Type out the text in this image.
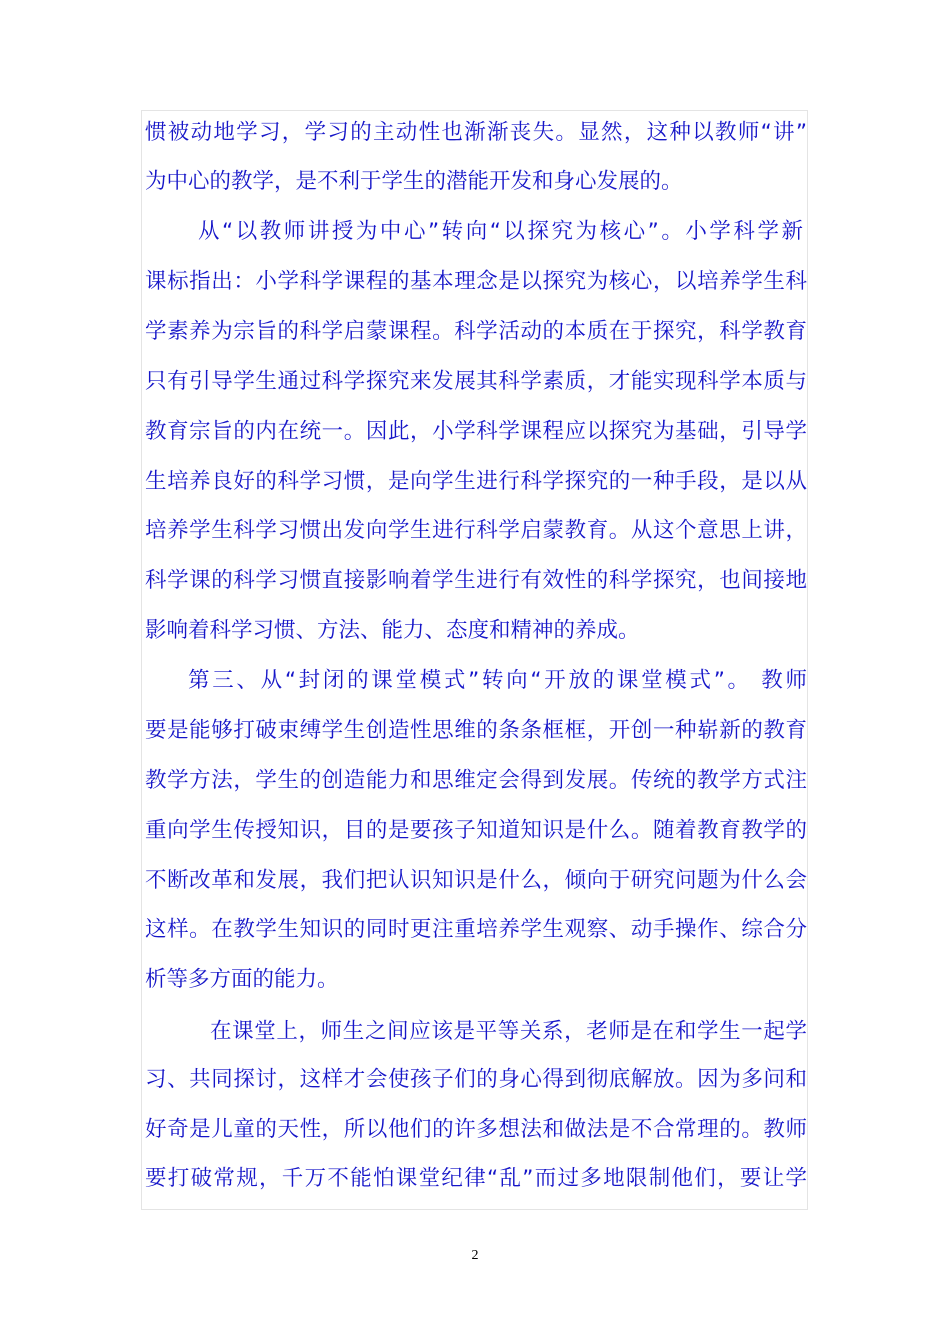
惯被动地学习，学习的主动性也渐渐丧失。显然，这种以教师“讲”
为中心的教学，是不利于学生的潜能开发和身心发展的。
从“以教师讲授为中心”转向“以探究为核心”。小学科学新
课标指出：小学科学课程的基本理念是以探究为核心，以培养学生科
学素养为宗旨的科学启蒙课程。科学活动的本质在于探究，科学教育
只有引导学生通过科学探究来发展其科学素质，才能实现科学本质与
教育宗旨的内在统一。因此，小学科学课程应以探究为基础，引导学
生培养良好的科学习惯，是向学生进行科学探究的一种手段，是以从
培养学生科学习惯出发向学生进行科学启蒙教育。从这个意思上讲，
科学课的科学习惯直接影响着学生进行有效性的科学探究，也间接地
影响着科学习惯、方法、能力、态度和精神的养成。
第三、从“封闭的课堂模式”转向“开放的课堂模式”。 教师
要是能够打破束缚学生创造性思维的条条框框，开创一种崭新的教育
教学方法，学生的创造能力和思维定会得到发展。传统的教学方式注
重向学生传授知识，目的是要孩子知道知识是什么。随着教育教学的
不断改革和发展，我们把认识知识是什么，倾向于研究问题为什么会
这样。在教学生知识的同时更注重培养学生观察、动手操作、综合分
析等多方面的能力。
在课堂上，师生之间应该是平等关系，老师是在和学生一起学
习、共同探讨，这样才会使孩子们的身心得到彻底解放。因为多问和
好奇是儿童的天性，所以他们的许多想法和做法是不合常理的。教师
要打破常规，千万不能怕课堂纪律“乱”而过多地限制他们，要让学
2
